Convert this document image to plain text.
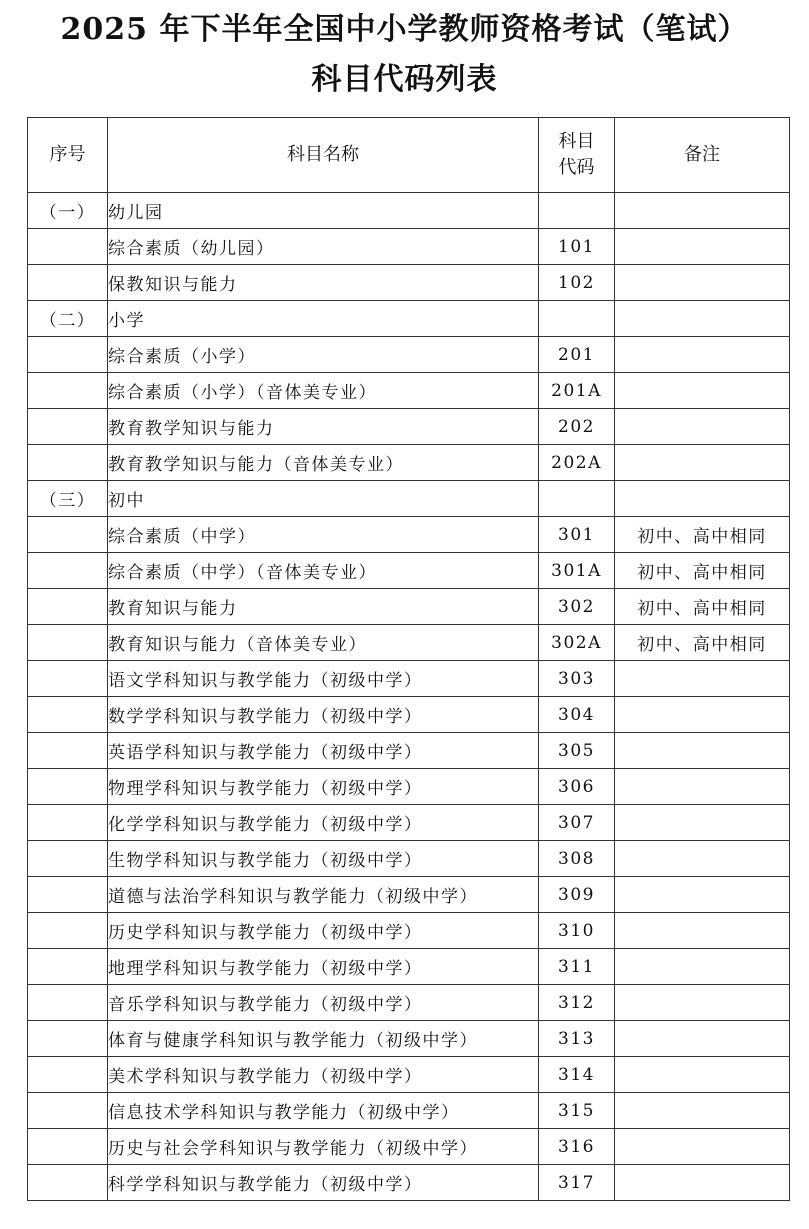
2025 年下半年全国中小学教师资格考试（笔试）
科目代码列表
序号	科目名称	科目代码	备注
（一）	幼儿园		
	综合素质（幼儿园）	101	
	保教知识与能力	102	
（二）	小学		
	综合素质（小学）	201	
	综合素质（小学）（音体美专业）	201A	
	教育教学知识与能力	202	
	教育教学知识与能力（音体美专业）	202A	
（三）	初中		
	综合素质（中学）	301	初中、高中相同
	综合素质（中学）（音体美专业）	301A	初中、高中相同
	教育知识与能力	302	初中、高中相同
	教育知识与能力（音体美专业）	302A	初中、高中相同
	语文学科知识与教学能力（初级中学）	303	
	数学学科知识与教学能力（初级中学）	304	
	英语学科知识与教学能力（初级中学）	305	
	物理学科知识与教学能力（初级中学）	306	
	化学学科知识与教学能力（初级中学）	307	
	生物学科知识与教学能力（初级中学）	308	
	道德与法治学科知识与教学能力（初级中学）	309	
	历史学科知识与教学能力（初级中学）	310	
	地理学科知识与教学能力（初级中学）	311	
	音乐学科知识与教学能力（初级中学）	312	
	体育与健康学科知识与教学能力（初级中学）	313	
	美术学科知识与教学能力（初级中学）	314	
	信息技术学科知识与教学能力（初级中学）	315	
	历史与社会学科知识与教学能力（初级中学）	316	
	科学学科知识与教学能力（初级中学）	317	
